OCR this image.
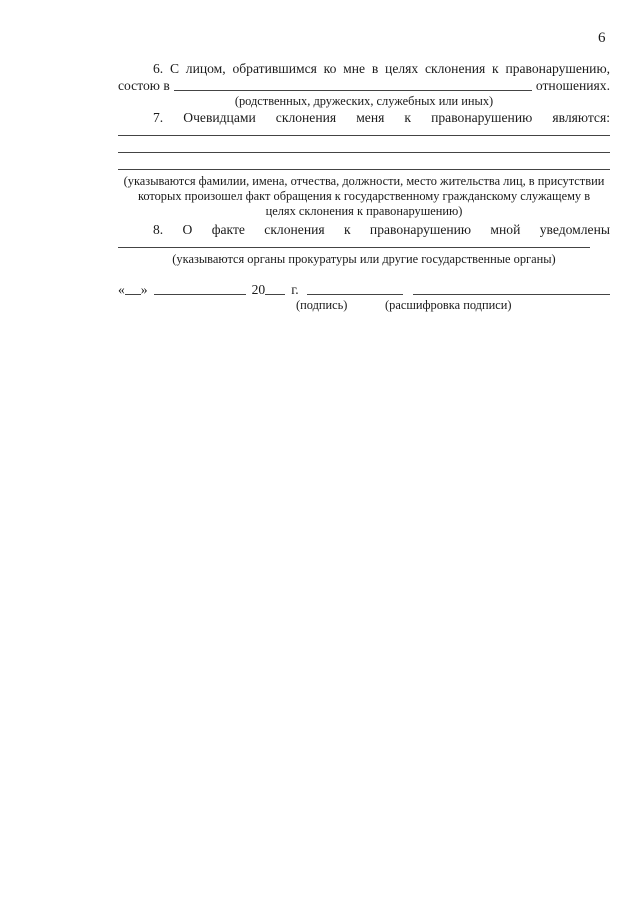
6
6. С лицом, обратившимся ко мне в целях склонения к правонарушению,
состою в	отношениях.
(родственных, дружеских, служебных или иных)
7. Очевидцами склонения меня к правонарушению являются:
(указываются фамилии, имена, отчества, должности, место жительства лиц, в присутствии
которых произошел факт обращения к государственному гражданскому служащему в
целях склонения к правонарушению)
8. О факте склонения к правонарушению мной уведомлены
(указываются органы прокуратуры или другие государственные органы)
« »	20 г.
(подпись)	(расшифровка подписи)
